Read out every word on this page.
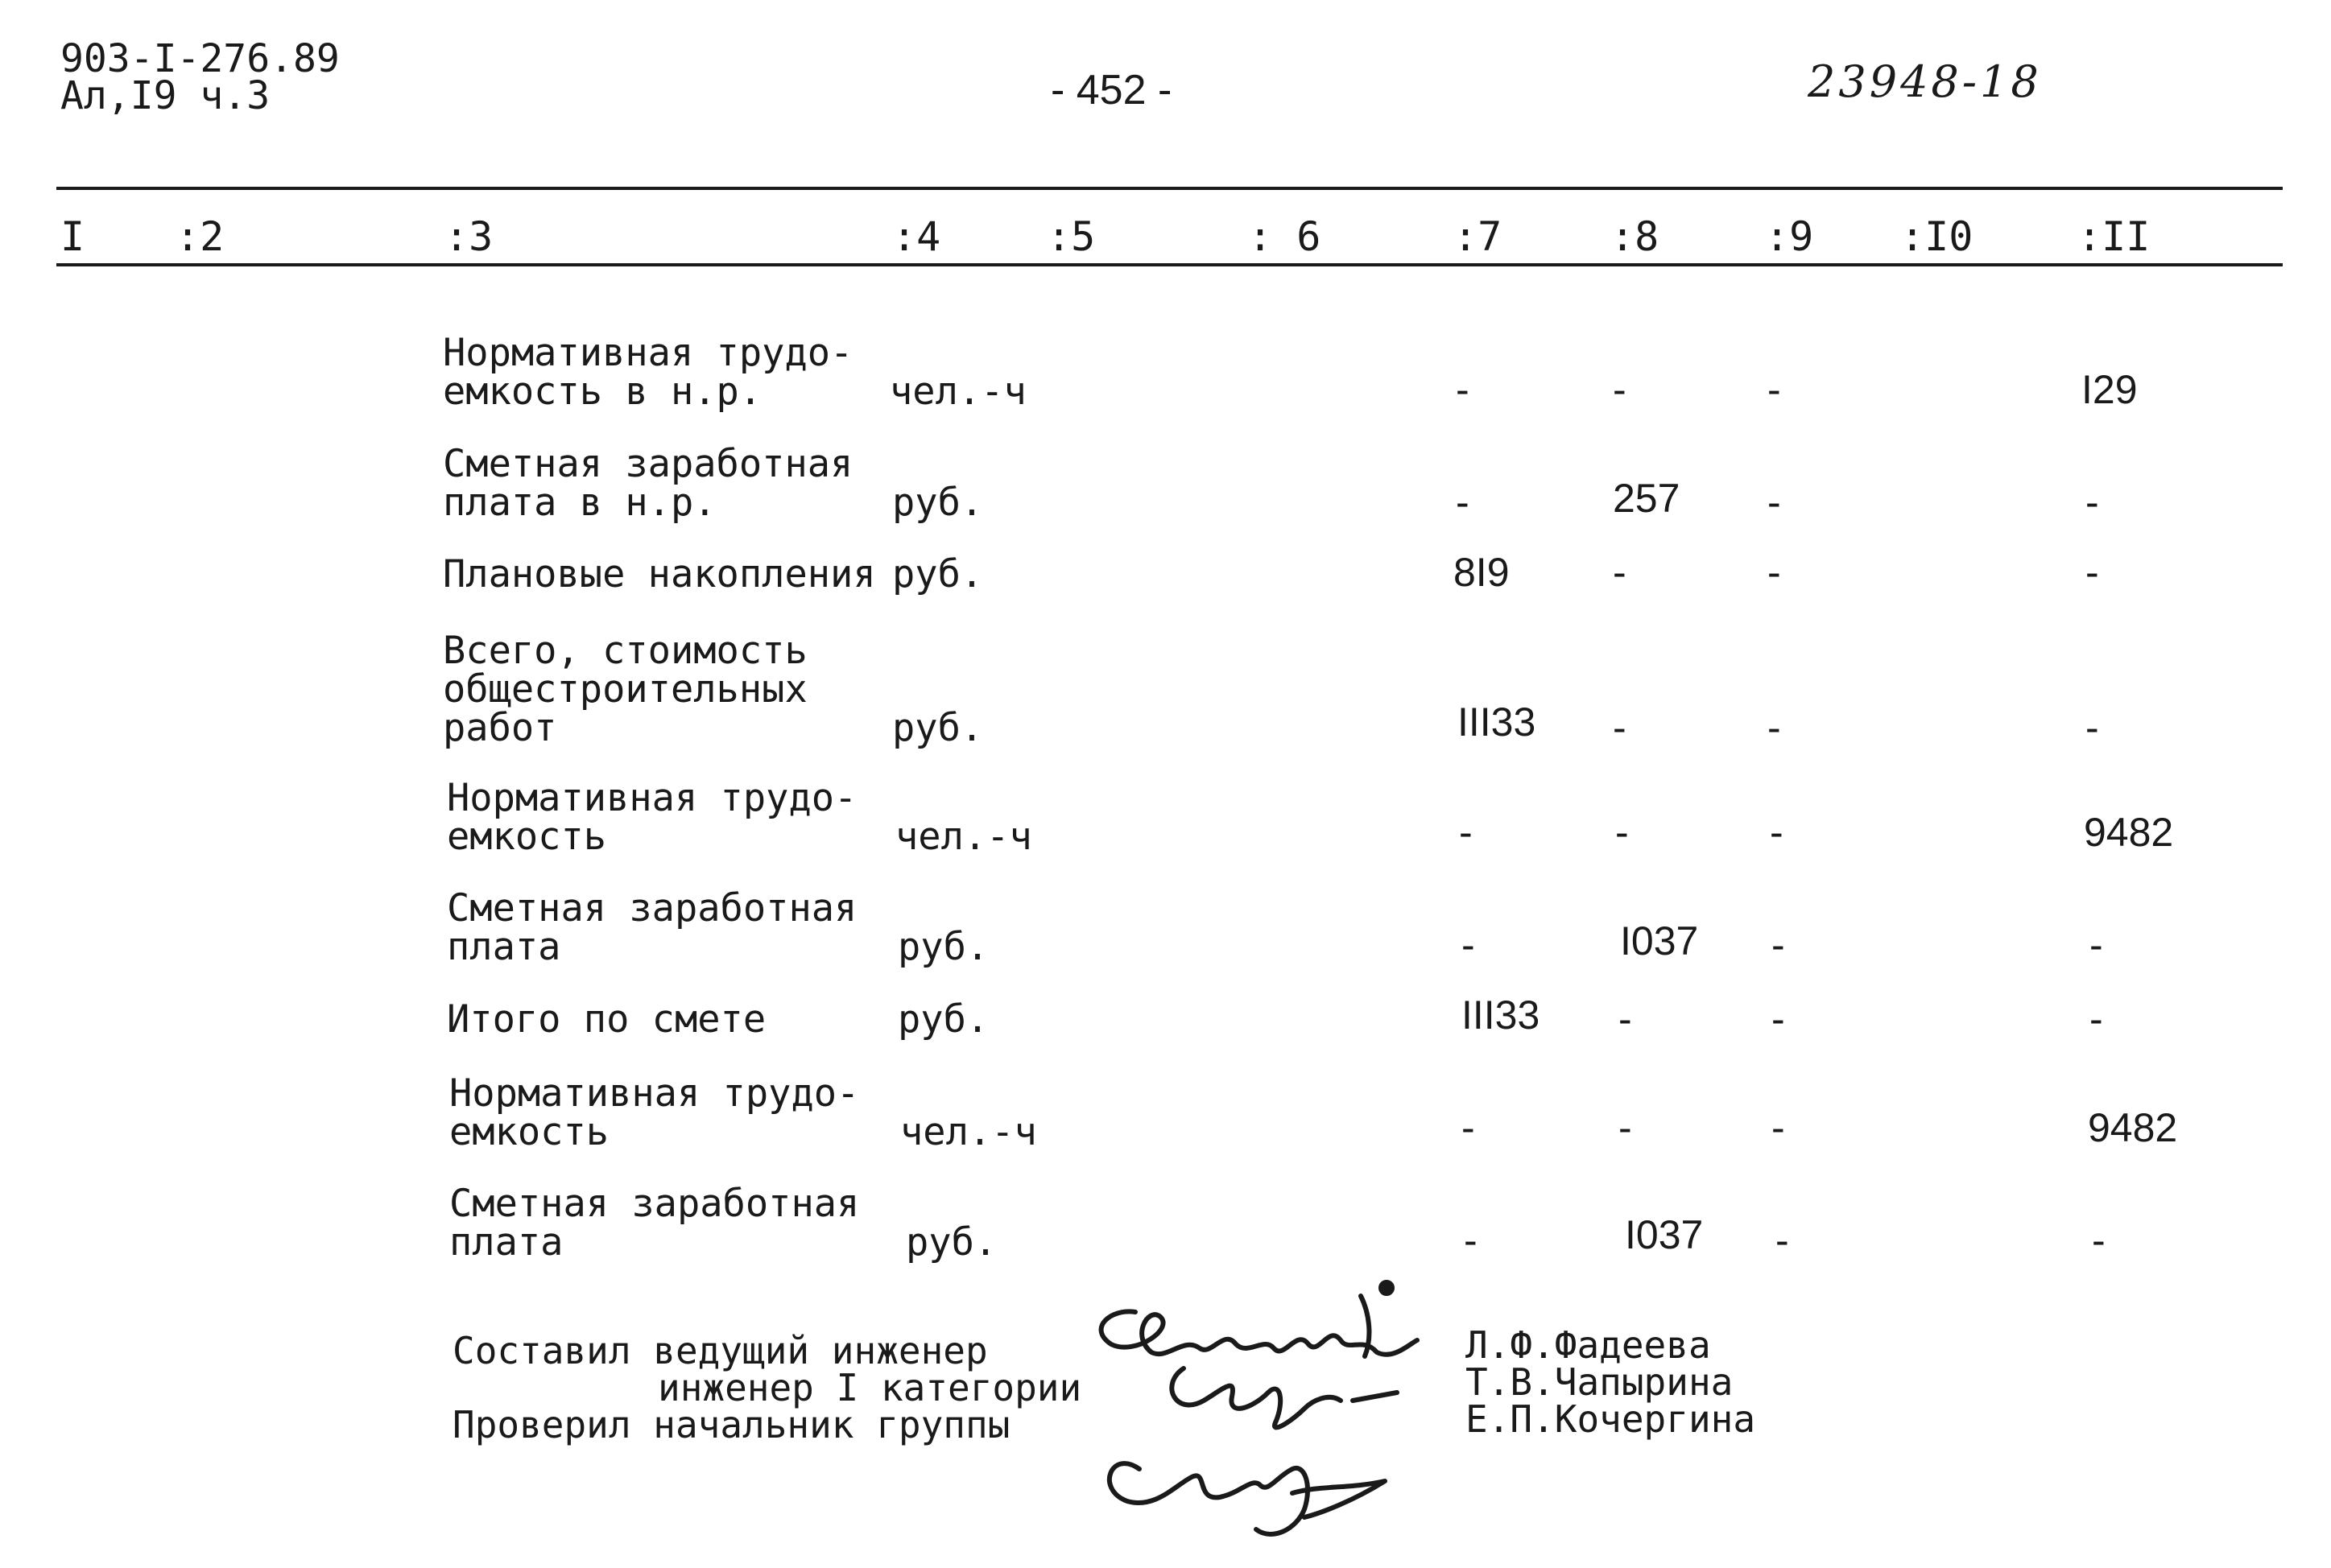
903-I-276.89
Ал,I9 ч.3	- 452 -	23948-18
I :2	:3	:4	:5	: 6	:7	:8	:9 :I0	:II
Нормативная трудо-
емкость в н.р.	чел.-ч	-	-	-	I29
Сметная заработная
плата в н.р.	руб.	-	257 -	-
Плановые накопления руб.	8I9	-	-	-
Всего, стоимость
общестроительных
работ	руб.	III33 -	-	-
Нормативная трудо-
емкость	чел.-ч	-	-	-	9482
Сметная заработная
плата	руб.	-	I037 -	-
Итого по смете	руб.	III33 -	-	-
Нормативная трудо-
емкость	чел.-ч	-	-	-	9482
Сметная заработная
плата	руб.	-	I037 -	-
Составил ведущий инженер
инженер I категории
Проверил начальник группы
Л.Ф.Фадеева
Т.В.Чапырина
Е.П.Кочергина
